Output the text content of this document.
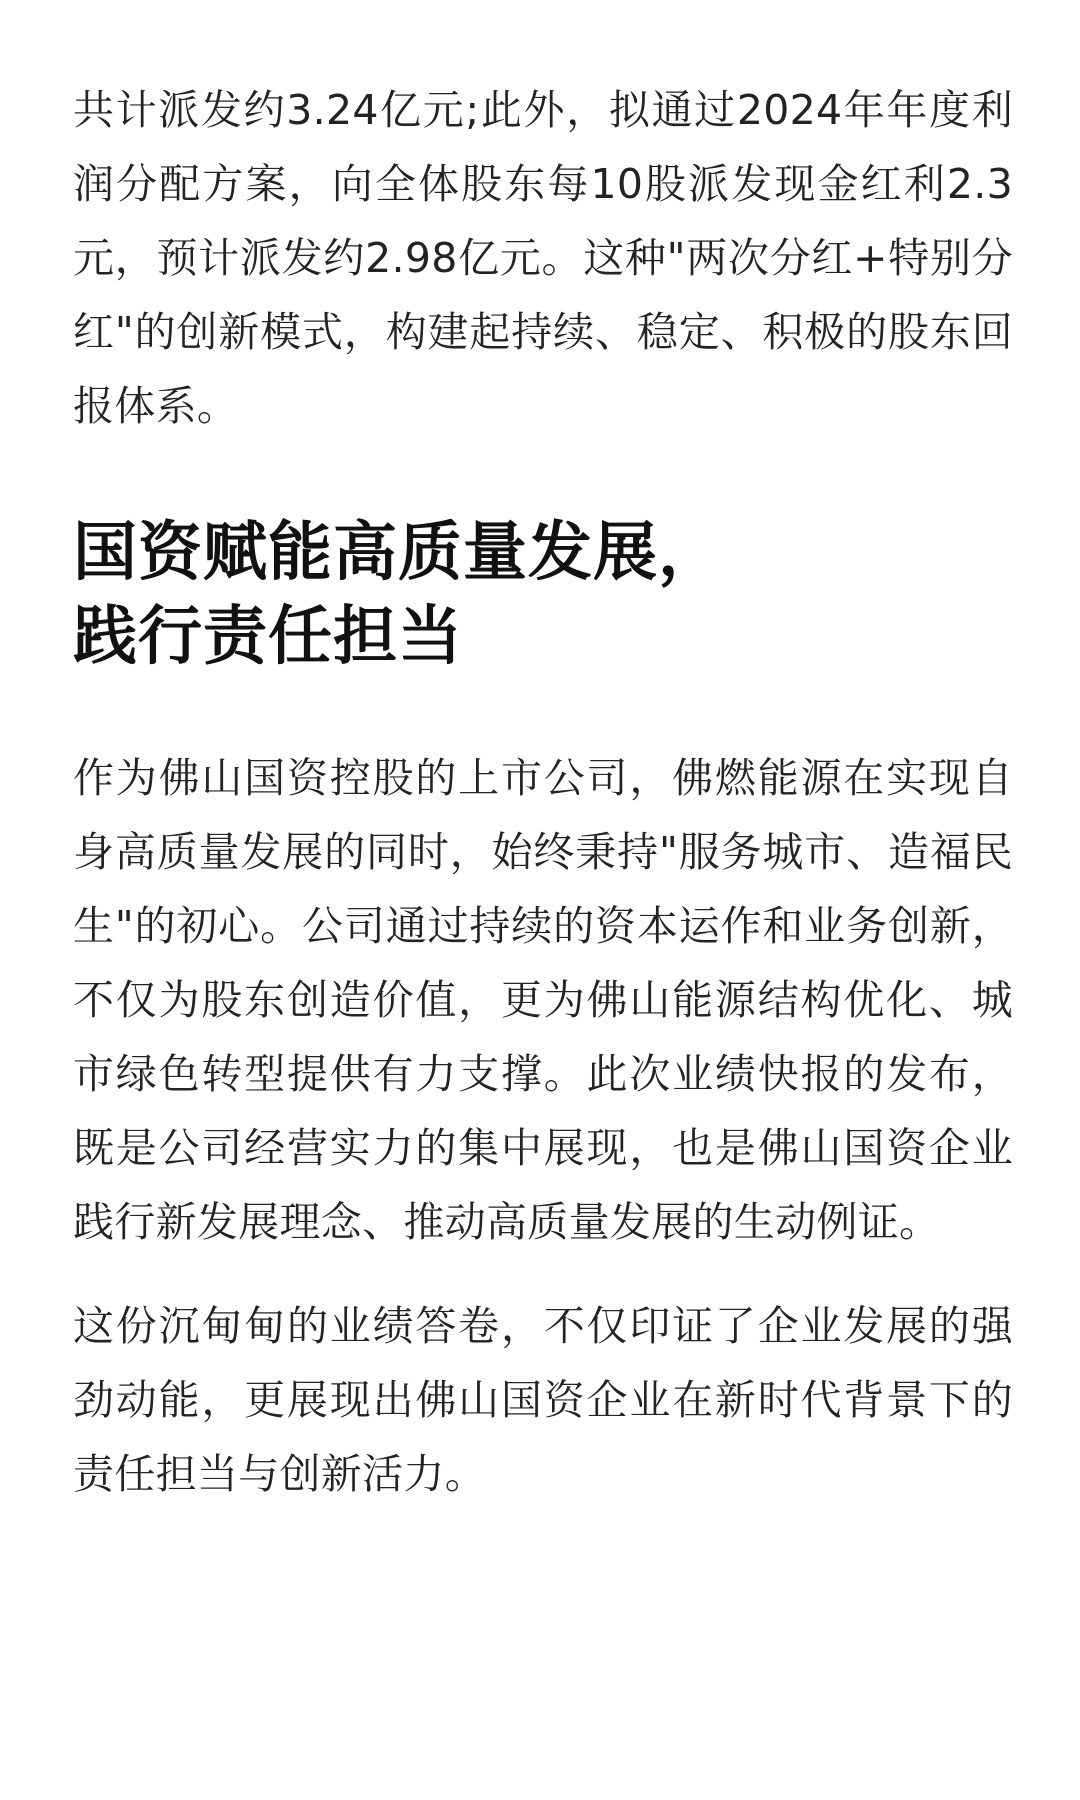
共计派发约3.24亿元;此外，拟通过2024年年度利润分配方案，向全体股东每10股派发现金红利2.3元，预计派发约2.98亿元。这种"两次分红+特别分红"的创新模式，构建起持续、稳定、积极的股东回报体系。

国资赋能高质量发展，
践行责任担当

作为佛山国资控股的上市公司，佛燃能源在实现自身高质量发展的同时，始终秉持"服务城市、造福民生"的初心。公司通过持续的资本运作和业务创新，不仅为股东创造价值，更为佛山能源结构优化、城市绿色转型提供有力支撑。此次业绩快报的发布，既是公司经营实力的集中展现，也是佛山国资企业践行新发展理念、推动高质量发展的生动例证。

这份沉甸甸的业绩答卷，不仅印证了企业发展的强劲动能，更展现出佛山国资企业在新时代背景下的责任担当与创新活力。
